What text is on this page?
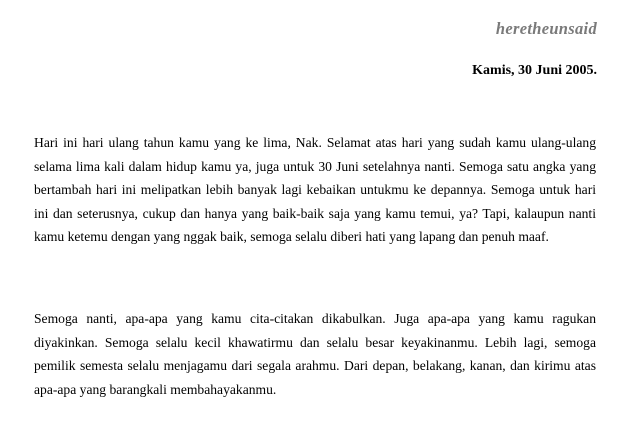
heretheunsaid
Kamis, 30 Juni 2005.

Hari ini hari ulang tahun kamu yang ke lima, Nak. Selamat atas hari yang sudah kamu ulang-ulang selama lima kali dalam hidup kamu ya, juga untuk 30 Juni setelahnya nanti. Semoga satu angka yang bertambah hari ini melipatkan lebih banyak lagi kebaikan untukmu ke depannya. Semoga untuk hari ini dan seterusnya, cukup dan hanya yang baik-baik saja yang kamu temui, ya? Tapi, kalaupun nanti kamu ketemu dengan yang nggak baik, semoga selalu diberi hati yang lapang dan penuh maaf.

Semoga nanti, apa-apa yang kamu cita-citakan dikabulkan. Juga apa-apa yang kamu ragukan diyakinkan. Semoga selalu kecil khawatirmu dan selalu besar keyakinanmu. Lebih lagi, semoga pemilik semesta selalu menjagamu dari segala arahmu. Dari depan, belakang, kanan, dan kirimu atas apa-apa yang barangkali membahayakanmu.
